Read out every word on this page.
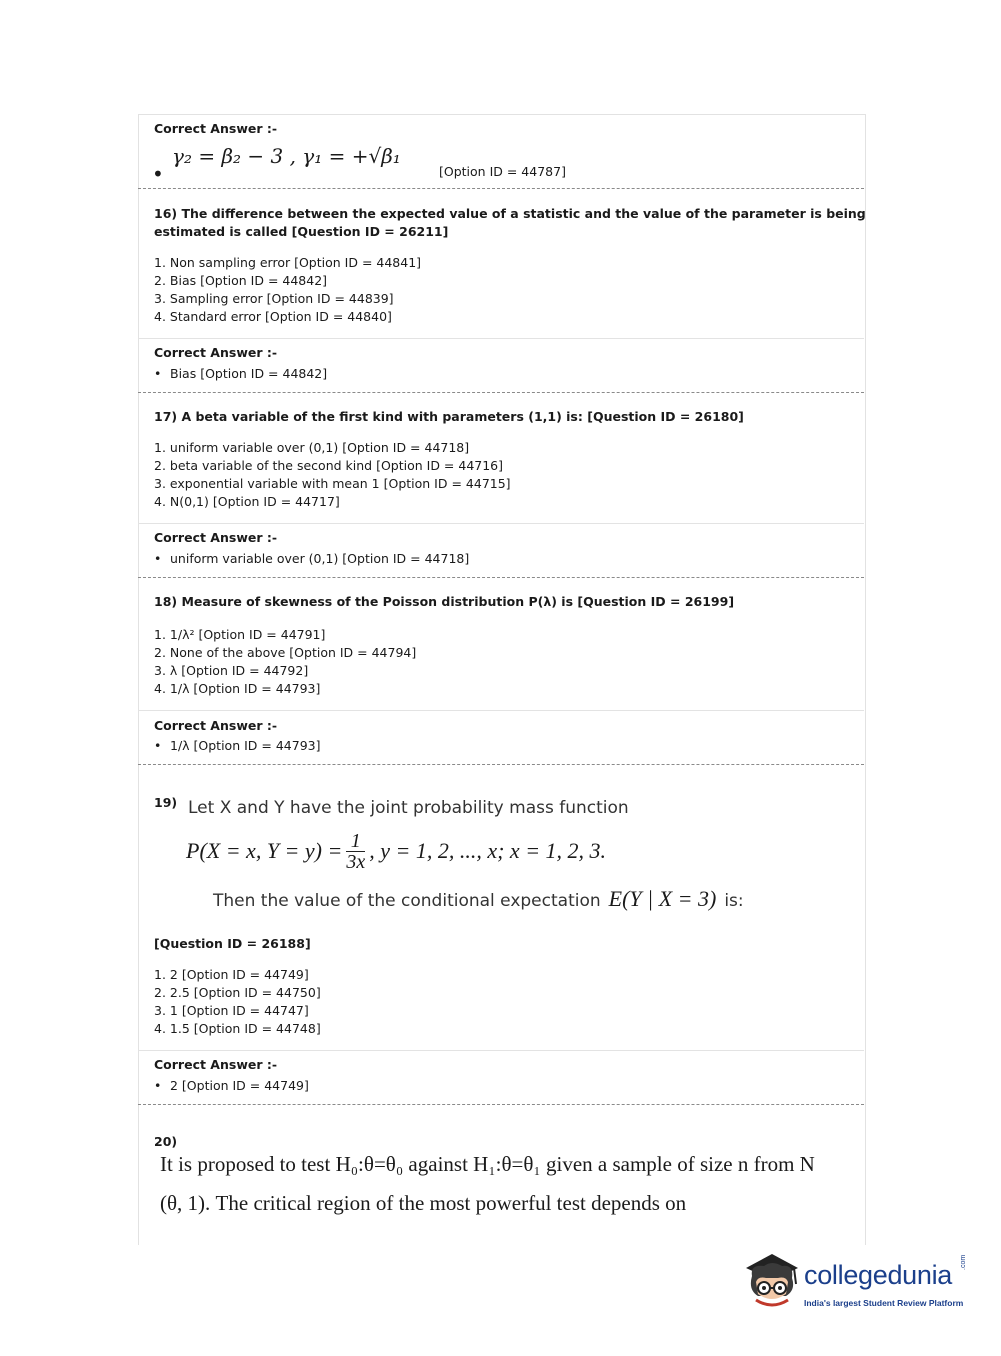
Correct Answer :-
•
γ₂ = β₂ − 3 , γ₁ = +√β₁
[Option ID = 44787]
16) The difference between the expected value of a statistic and the value of the parameter is being
estimated is called [Question ID = 26211]
1. Non sampling error [Option ID = 44841]
2. Bias [Option ID = 44842]
3. Sampling error [Option ID = 44839]
4. Standard error [Option ID = 44840]
Correct Answer :-
• Bias [Option ID = 44842]
17) A beta variable of the first kind with parameters (1,1) is: [Question ID = 26180]
1. uniform variable over (0,1) [Option ID = 44718]
2. beta variable of the second kind [Option ID = 44716]
3. exponential variable with mean 1 [Option ID = 44715]
4. N(0,1) [Option ID = 44717]
Correct Answer :-
• uniform variable over (0,1) [Option ID = 44718]
18) Measure of skewness of the Poisson distribution P(λ) is [Question ID = 26199]
1. 1/λ² [Option ID = 44791]
2. None of the above [Option ID = 44794]
3. λ [Option ID = 44792]
4. 1/λ [Option ID = 44793]
Correct Answer :-
• 1/λ [Option ID = 44793]
19) Let X and Y have the joint probability mass function
P(X = x, $Y = y) = \frac{1}{3x}$ , y = 1, 2, ..., x; x = 1, 2, 3.
Then the value of the conditional expectation E(Y | X = 3) is:
[Question ID = 26188]
1. 2 [Option ID = 44749]
2. 2.5 [Option ID = 44750]
3. 1 [Option ID = 44747]
4. 1.5 [Option ID = 44748]
Correct Answer :-
• 2 [Option ID = 44749]
20)
It is proposed to test H₀:θ=θ₀ against H₁:θ=θ₁ given a sample of size n from N
(θ, 1). The critical region of the most powerful test depends on
collegedunia .com
India's largest Student Review Platform
